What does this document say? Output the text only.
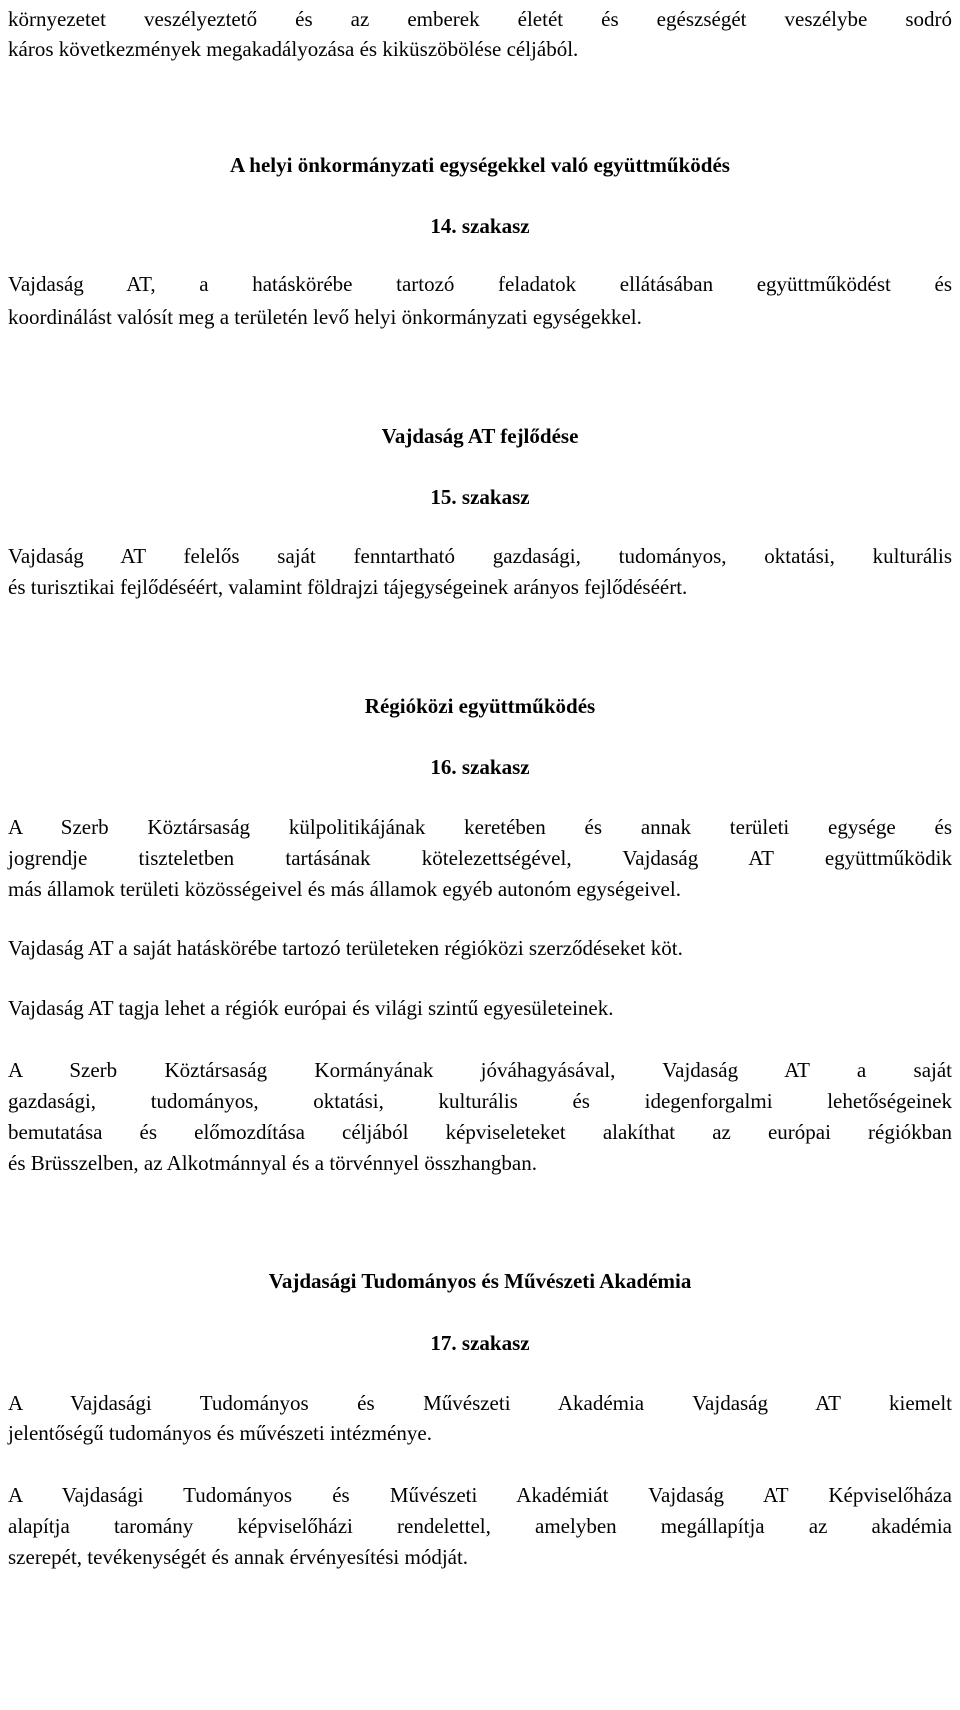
környezetet veszélyeztető és az emberek életét és egészségét veszélybe sodró
káros következmények megakadályozása és kiküszöbölése céljából.
A helyi önkormányzati egységekkel való együttműködés
14. szakasz
Vajdaság AT, a hatáskörébe tartozó feladatok ellátásában együttműködést és
koordinálást valósít meg a területén levő helyi önkormányzati egységekkel.
Vajdaság AT fejlődése
15. szakasz
Vajdaság AT felelős saját fenntartható gazdasági, tudományos, oktatási, kulturális
és turisztikai fejlődéséért, valamint földrajzi tájegységeinek arányos fejlődéséért.
Régióközi együttműködés
16. szakasz
A Szerb Köztársaság külpolitikájának keretében és annak területi egysége és
jogrendje tiszteletben tartásának kötelezettségével, Vajdaság AT együttműködik
más államok területi közösségeivel és más államok egyéb autonóm egységeivel.
Vajdaság AT a saját hatáskörébe tartozó területeken régióközi szerződéseket köt.
Vajdaság AT tagja lehet a régiók európai és világi szintű egyesületeinek.
A Szerb Köztársaság Kormányának jóváhagyásával, Vajdaság AT a saját
gazdasági, tudományos, oktatási, kulturális és idegenforgalmi lehetőségeinek
bemutatása és előmozdítása céljából képviseleteket alakíthat az európai régiókban
és Brüsszelben, az Alkotmánnyal és a törvénnyel összhangban.
Vajdasági Tudományos és Művészeti Akadémia
17. szakasz
A Vajdasági Tudományos és Művészeti Akadémia Vajdaság AT kiemelt
jelentőségű tudományos és művészeti intézménye.
A Vajdasági Tudományos és Művészeti Akadémiát Vajdaság AT Képviselőháza
alapítja taromány képviselőházi rendelettel, amelyben megállapítja az akadémia
szerepét, tevékenységét és annak érvényesítési módját.
